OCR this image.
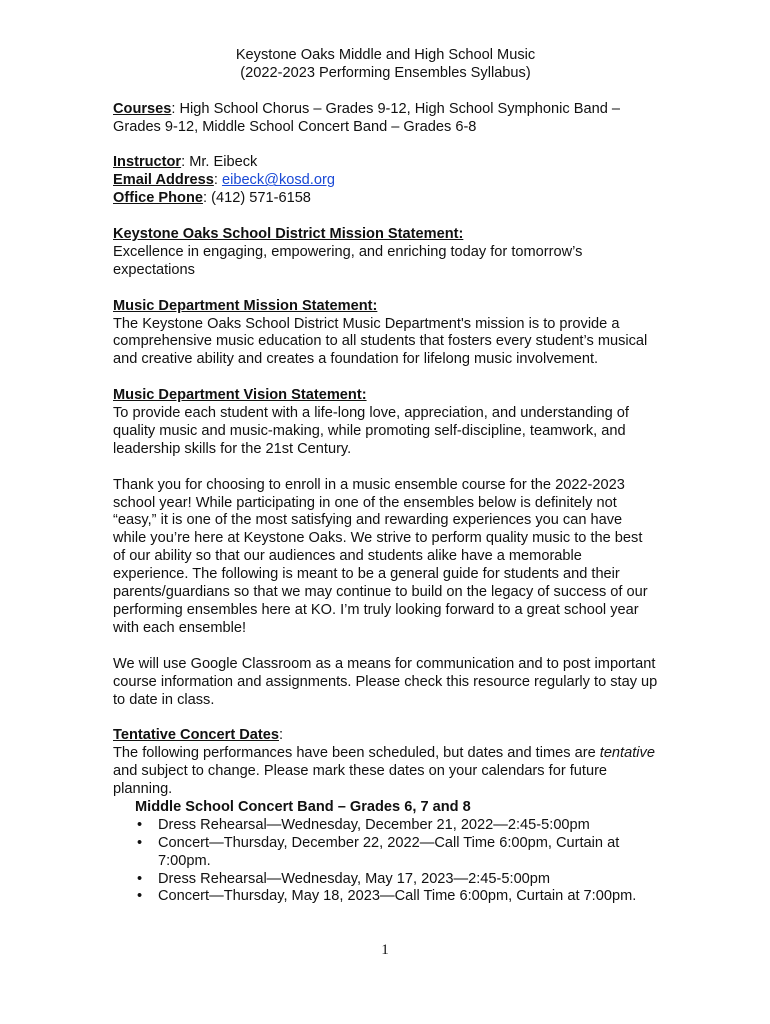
Keystone Oaks Middle and High School Music

(2022-2023 Performing Ensembles Syllabus)

Courses: High School Chorus – Grades 9-12, High School Symphonic Band – Grades 9-12, Middle School Concert Band – Grades 6-8

Instructor: Mr. Eibeck

Email Address: eibeck@kosd.org

Office Phone: (412) 571-6158

Keystone Oaks School District Mission Statement:

Excellence in engaging, empowering, and enriching today for tomorrow’s expectations

Music Department Mission Statement:

The Keystone Oaks School District Music Department's mission is to provide a comprehensive music education to all students that fosters every student’s musical and creative ability and creates a foundation for lifelong music involvement.

Music Department Vision Statement:

To provide each student with a life-long love, appreciation, and understanding of quality music and music-making, while promoting self-discipline, teamwork, and leadership skills for the 21st Century.

Thank you for choosing to enroll in a music ensemble course for the 2022-2023 school year! While participating in one of the ensembles below is definitely not “easy,” it is one of the most satisfying and rewarding experiences you can have while you’re here at Keystone Oaks. We strive to perform quality music to the best of our ability so that our audiences and students alike have a memorable experience. The following is meant to be a general guide for students and their parents/guardians so that we may continue to build on the legacy of success of our performing ensembles here at KO. I’m truly looking forward to a great school year with each ensemble!

We will use Google Classroom as a means for communication and to post important course information and assignments. Please check this resource regularly to stay up to date in class.

Tentative Concert Dates:

The following performances have been scheduled, but dates and times are tentative and subject to change. Please mark these dates on your calendars for future planning.

Middle School Concert Band – Grades 6, 7 and 8

• Dress Rehearsal—Wednesday, December 21, 2022—2:45-5:00pm
• Concert—Thursday, December 22, 2022—Call Time 6:00pm, Curtain at 7:00pm.
• Dress Rehearsal—Wednesday, May 17, 2023—2:45-5:00pm
• Concert—Thursday, May 18, 2023—Call Time 6:00pm, Curtain at 7:00pm.
1
